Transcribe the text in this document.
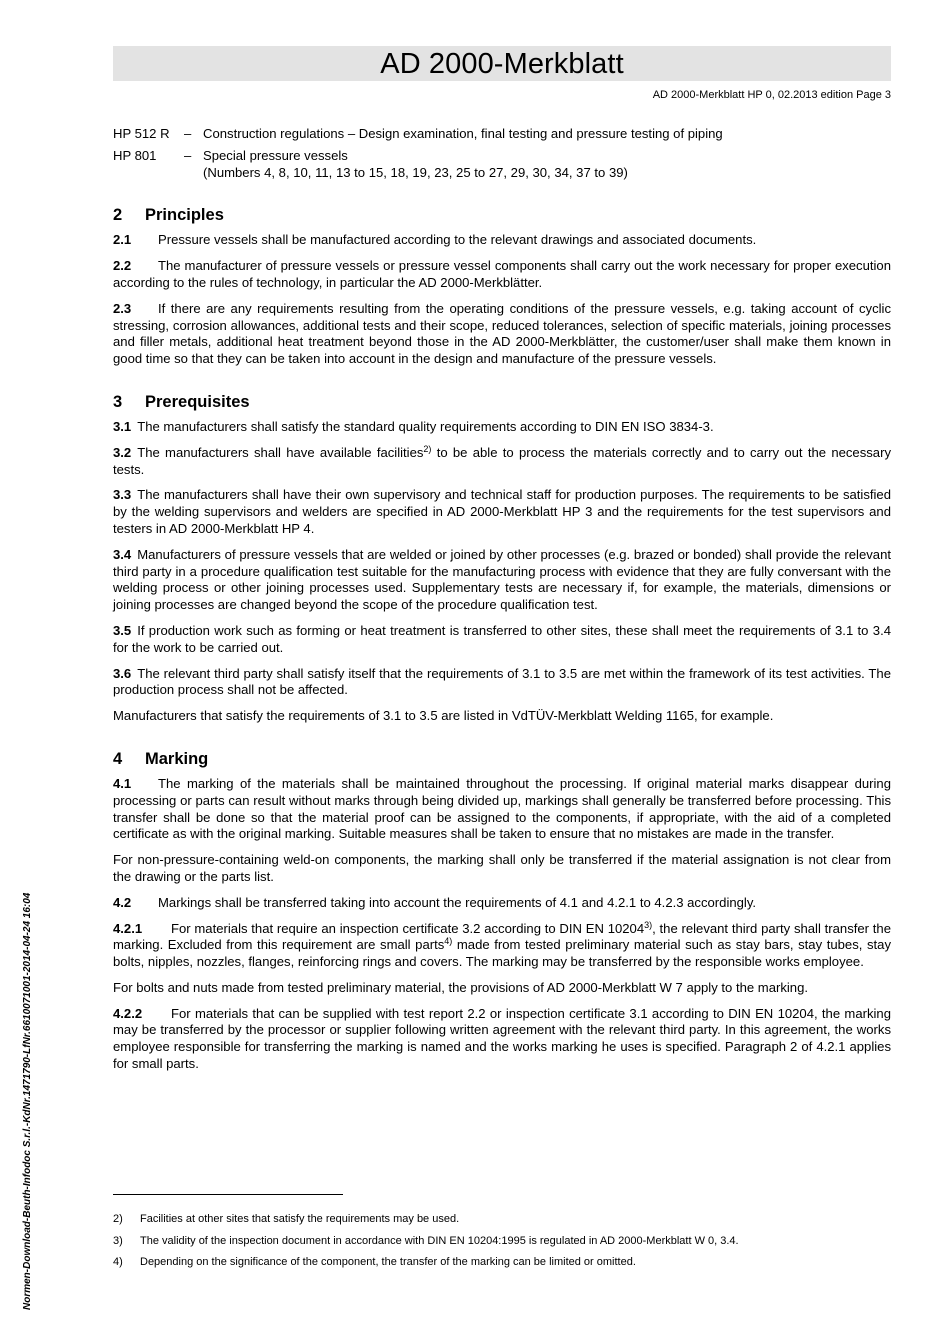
AD 2000-Merkblatt
AD 2000-Merkblatt HP 0, 02.2013 edition Page 3
HP 512 R	– Construction regulations – Design examination, final testing and pressure testing of piping
HP 801	– Special pressure vessels
(Numbers 4, 8, 10, 11, 13 to 15, 18, 19, 23, 25 to 27, 29, 30, 34, 37 to 39)
2	Principles

2.1 Pressure vessels shall be manufactured according to the relevant drawings and associated documents.

2.2 The manufacturer of pressure vessels or pressure vessel components shall carry out the work necessary for proper execution according to the rules of technology, in particular the AD 2000-Merkblätter.

2.3 If there are any requirements resulting from the operating conditions of the pressure vessels, e.g. taking account of cyclic stressing, corrosion allowances, additional tests and their scope, reduced tolerances, selection of specific materials, joining processes and filler metals, additional heat treatment beyond those in the AD 2000-Merkblätter, the customer/user shall make them known in good time so that they can be taken into account in the design and manufacture of the pressure vessels.

3	Prerequisites

3.1 The manufacturers shall satisfy the standard quality requirements according to DIN EN ISO 3834-3.

3.2 The manufacturers shall have available facilities$^{2)}$ to be able to process the materials correctly and to carry out the necessary tests.

3.3 The manufacturers shall have their own supervisory and technical staff for production purposes. The requirements to be satisfied by the welding supervisors and welders are specified in AD 2000-Merkblatt HP 3 and the requirements for the test supervisors and testers in AD 2000-Merkblatt HP 4.

3.4 Manufacturers of pressure vessels that are welded or joined by other processes (e.g. brazed or bonded) shall provide the relevant third party in a procedure qualification test suitable for the manufacturing process with evidence that they are fully conversant with the welding process or other joining processes used. Supplementary tests are necessary if, for example, the materials, dimensions or joining processes are changed beyond the scope of the procedure qualification test.

3.5 If production work such as forming or heat treatment is transferred to other sites, these shall meet the requirements of 3.1 to 3.4 for the work to be carried out.

3.6 The relevant third party shall satisfy itself that the requirements of 3.1 to 3.5 are met within the framework of its test activities. The production process shall not be affected.

Manufacturers that satisfy the requirements of 3.1 to 3.5 are listed in VdTÜV-Merkblatt Welding 1165, for example.

4	Marking

4.1 The marking of the materials shall be maintained throughout the processing. If original material marks disappear during processing or parts can result without marks through being divided up, markings shall generally be transferred before processing. This transfer shall be done so that the material proof can be assigned to the components, if appropriate, with the aid of a completed certificate as with the original marking. Suitable measures shall be taken to ensure that no mistakes are made in the transfer.

For non-pressure-containing weld-on components, the marking shall only be transferred if the material assignation is not clear from the drawing or the parts list.

4.2 Markings shall be transferred taking into account the requirements of 4.1 and 4.2.1 to 4.2.3 accordingly.

4.2.1 For materials that require an inspection certificate 3.2 according to DIN EN 10204$^{3)}$, the relevant third party shall transfer the marking. Excluded from this requirement are small parts$^{4)}$ made from tested preliminary material such as stay bars, stay tubes, stay bolts, nipples, nozzles, flanges, reinforcing rings and covers. The marking may be transferred by the responsible works employee.

For bolts and nuts made from tested preliminary material, the provisions of AD 2000-Merkblatt W 7 apply to the marking.

4.2.2 For materials that can be supplied with test report 2.2 or inspection certificate 3.1 according to DIN EN 10204, the marking may be transferred by the processor or supplier following written agreement with the relevant third party. In this agreement, the works employee responsible for transferring the marking is named and the works marking he uses is specified. Paragraph 2 of 4.2.1 applies for small parts.

2)	Facilities at other sites that satisfy the requirements may be used.
3)	The validity of the inspection document in accordance with DIN EN 10204:1995 is regulated in AD 2000-Merkblatt W 0, 3.4.
4)	Depending on the significance of the component, the transfer of the marking can be limited or omitted.
Normen-Download-Beuth-Infodoc S.r.l.-KdNr.1471790-LfNr.6610071001-2014-04-24 16:04
